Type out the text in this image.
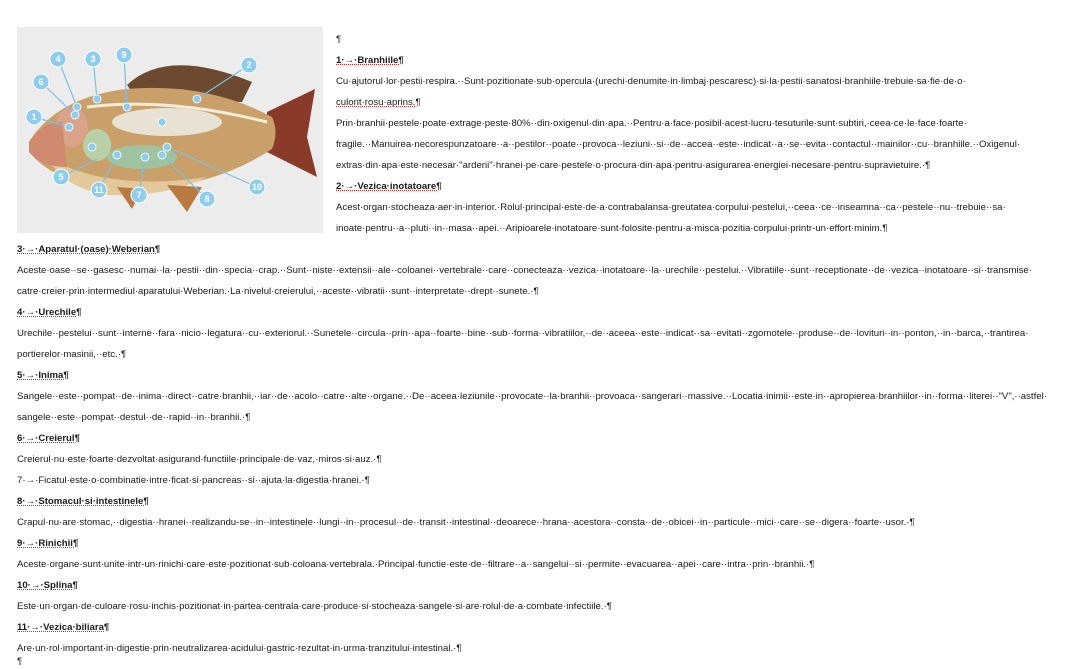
1
2
3
4
5
6
7	8
9
10
11
¶
1·→·Branhiile¶
Cu·ajutorul·lor·pestii·respira.··Sunt·pozitionate·sub·opercula·(urechi·denumite·in·limbaj·pescaresc)·si·la·pestii·sanatosi·branhiile·trebuie·sa·fie·de·o·
culorit·rosu·aprins.¶
Prin·branhii·pestele·poate·extrage·peste·80%··din·oxigenul·din·apa.··Pentru·a·face·posibil·acest·lucru·tesuturile·sunt·subtiri,·ceea·ce·le·face·foarte·
fragile.··Manuirea·necorespunzatoare··a··pestilor··poate··provoca··leziuni··si··de··accea··este··indicat··a··se··evita··contactul··mainilor··cu··branhiile.··Oxigenul·
extras·din·apa·este·necesar·"arderii"·hranei·pe·care·pestele·o·procura·din·apa·pentru·asigurarea·energiei·necesare·pentru·supravietuire.·¶
2·→·Vezica·inotatoare¶
Acest·organ·stocheaza·aer·in·interior.·Rolul·principal·este·de·a·contrabalansa·greutatea·corpului·pestelui,··ceea··ce··inseamna··ca··pestele··nu··trebuie··sa·
inoate·pentru··a··pluti··in··masa··apei.··Aripioarele·inotatoare·sunt·folosite·pentru·a·misca·pozitia·corpului·printr-un·effort·minim.¶
3·→·Aparatul·(oase)·Weberian¶
Aceste·oase··se··gasesc··numai··la··pestii··din··specia··crap.··Sunt··niste··extensii··ale··coloanei··vertebrale··care··conecteaza··vezica··inotatoare··la··urechile··pestelui.··Vibratiile··sunt··receptionate··de··vezica··inotatoare··si··transmise·
catre·creier·prin·intermediul·aparatului·Weberian.·La·nivelul·creierului,··aceste··vibratii··sunt··interpretate··drept··sunete.·¶
4·→·Urechile¶
Urechile··pestelui··sunt··interne··fara··nicio··legatura··cu··exteriorul.··Sunetele··circula··prin··apa··foarte··bine··sub··forma··vibratiilor,··de··aceea··este··indicat··sa··evitati··zgomotele··produse··de··lovituri··in··ponton,··in··barca,··trantirea·
portierelor·masinii,··etc.·¶
5·→·Inima¶
Sangele··este··pompat··de··inima··direct··catre·branhii,··iar··de··acolo··catre··alte··organe.··De··aceea·leziunile··provocate··la·branhii··provoaca··sangerari··massive.··Locatia·inimii··este·in··apropierea·branhiilor··in··forma··literei··"V",··astfel·
sangele··este··pompat··destul··de··rapid··in··branhii.·¶
6·→·Creierul¶
Creierul·nu·este·foarte·dezvoltat·asigurand·functiile·principale·de·vaz,·miros·si·auz.·¶
7·→·Ficatul·este·o·combinatie·intre·ficat·si·pancreas··si··ajuta·la·digestia·hranei.·¶
8·→·Stomacul·si·intestinele¶
Crapul·nu·are·stomac,··digestia··hranei··realizandu-se··in··intestinele··lungi··in··procesul··de··transit··intestinal··deoarece··hrana··acestora··consta··de··obicei··in··particule··mici··care··se··digera··foarte··usor.·¶
9·→·Rinichii¶
Aceste·organe·sunt·unite·intr-un·rinichi·care·este·pozitionat·sub·coloana·vertebrala.·Principal·functie·este·de··filtrare··a··sangelui··si··permite··evacuarea··apei··care··intra··prin··branhii.·¶
10·→·Splina¶
Este·un·organ·de·culoare·rosu·inchis·pozitionat·in·partea·centrala·care·produce·si·stocheaza·sangele·si·are·rolul·de·a·combate·infectiile.·¶
11·→·Vezica·biliara¶
Are·un·rol·important·in·digestie·prin·neutralizarea·acidului·gastric·rezultat·in·urma·tranzitului·intestinal.·¶
¶
